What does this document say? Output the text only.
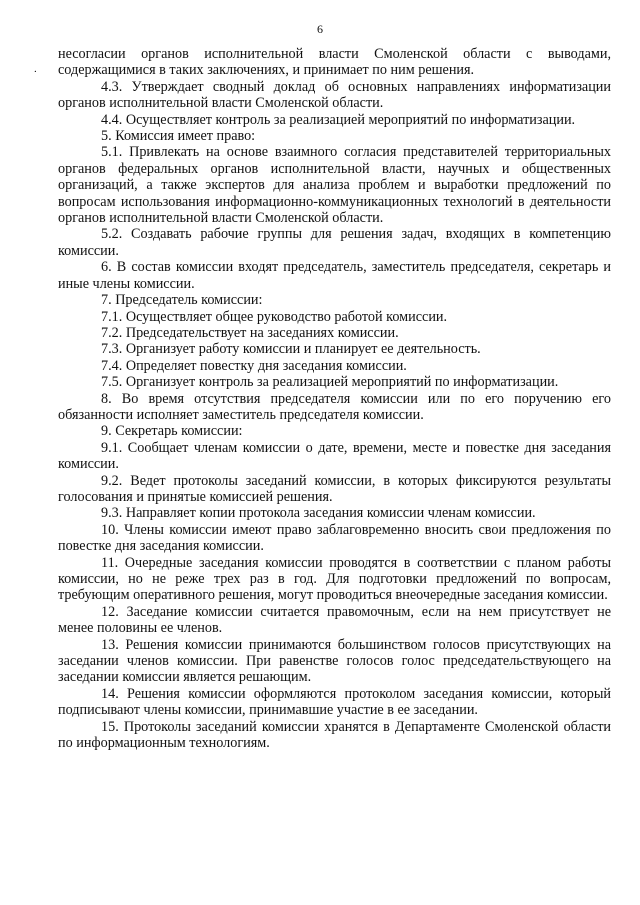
6
.

несогласии органов исполнительной власти Смоленской области с выводами, содержащимися в таких заключениях, и принимает по ним решения.

4.3. Утверждает сводный доклад об основных направлениях информатизации органов исполнительной власти Смоленской области.

4.4. Осуществляет контроль за реализацией мероприятий по информатизации.

5. Комиссия имеет право:

5.1. Привлекать на основе взаимного согласия представителей территориальных органов федеральных органов исполнительной власти, научных и общественных организаций, а также экспертов для анализа проблем и выработки предложений по вопросам использования информационно-коммуникационных технологий в деятельности органов исполнительной власти Смоленской области.

5.2. Создавать рабочие группы для решения задач, входящих в компетенцию комиссии.

6. В состав комиссии входят председатель, заместитель председателя, секретарь и иные члены комиссии.

7. Председатель комиссии:

7.1. Осуществляет общее руководство работой комиссии.

7.2. Председательствует на заседаниях комиссии.

7.3. Организует работу комиссии и планирует ее деятельность.

7.4. Определяет повестку дня заседания комиссии.

7.5. Организует контроль за реализацией мероприятий по информатизации.

8. Во время отсутствия председателя комиссии или по его поручению его обязанности исполняет заместитель председателя комиссии.

9. Секретарь комиссии:

9.1. Сообщает членам комиссии о дате, времени, месте и повестке дня заседания комиссии.

9.2. Ведет протоколы заседаний комиссии, в которых фиксируются результаты голосования и принятые комиссией решения.

9.3. Направляет копии протокола заседания комиссии членам комиссии.

10. Члены комиссии имеют право заблаговременно вносить свои предложения по повестке дня заседания комиссии.

11. Очередные заседания комиссии проводятся в соответствии с планом работы комиссии, но не реже трех раз в год. Для подготовки предложений по вопросам, требующим оперативного решения, могут проводиться внеочередные заседания комиссии.

12. Заседание комиссии считается правомочным, если на нем присутствует не менее половины ее членов.

13. Решения комиссии принимаются большинством голосов присутствующих на заседании членов комиссии. При равенстве голосов голос председательствующего на заседании комиссии является решающим.

14. Решения комиссии оформляются протоколом заседания комиссии, который подписывают члены комиссии, принимавшие участие в ее заседании.

15. Протоколы заседаний комиссии хранятся в Департаменте Смоленской области по информационным технологиям.
